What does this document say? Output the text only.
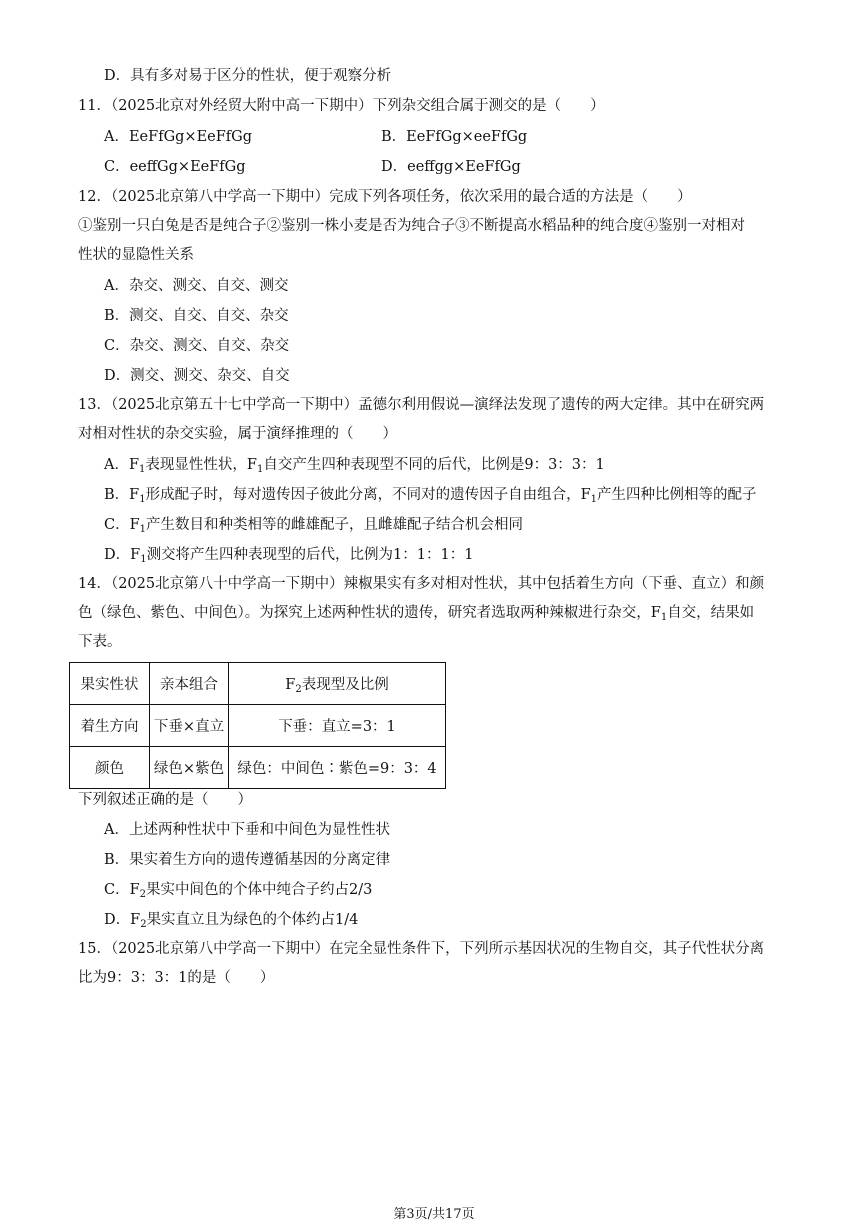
D．具有多对易于区分的性状，便于观察分析
11．（2025北京对外经贸大附中高一下期中）下列杂交组合属于测交的是（　　）
A．EeFfGg×EeFfGg	B．EeFfGg×eeFfGg
C．eeffGg×EeFfGg	D．eeffgg×EeFfGg
12．（2025北京第八中学高一下期中）完成下列各项任务，依次采用的最合适的方法是（　　）
①鉴别一只白兔是否是纯合子②鉴别一株小麦是否为纯合子③不断提高水稻品种的纯合度④鉴别一对相对
性状的显隐性关系
A．杂交、测交、自交、测交
B．测交、自交、自交、杂交
C．杂交、测交、自交、杂交
D．测交、测交、杂交、自交
13．（2025北京第五十七中学高一下期中）孟德尔利用假说—演绎法发现了遗传的两大定律。其中在研究两
对相对性状的杂交实验，属于演绎推理的（　　）
A．$F_1$表现显性性状，$F_1$自交产生四种表现型不同的后代，比例是9：3：3：1
B．$F_1$形成配子时，每对遗传因子彼此分离，不同对的遗传因子自由组合，$F_1$产生四种比例相等的配子
C．$F_1$产生数目和种类相等的雌雄配子，且雌雄配子结合机会相同
D．$F_1$测交将产生四种表现型的后代，比例为1：1：1：1
14．（2025北京第八十中学高一下期中）辣椒果实有多对相对性状，其中包括着生方向（下垂、直立）和颜
色（绿色、紫色、中间色）。为探究上述两种性状的遗传，研究者选取两种辣椒进行杂交，$F_1$自交，结果如
下表。
果实性状	亲本组合	$F_2$表现型及比例
着生方向	下垂×直立	下垂：直立=3：1
颜色	绿色×紫色	绿色：中间色∶紫色=9：3：4
下列叙述正确的是（　　）
A．上述两种性状中下垂和中间色为显性性状
B．果实着生方向的遗传遵循基因的分离定律
C．$F_2$果实中间色的个体中纯合子约占2/3
D．$F_2$果实直立且为绿色的个体约占1/4
15．（2025北京第八中学高一下期中）在完全显性条件下，下列所示基因状况的生物自交，其子代性状分离
比为9：3：3：1的是（　　）
第3页/共17页
